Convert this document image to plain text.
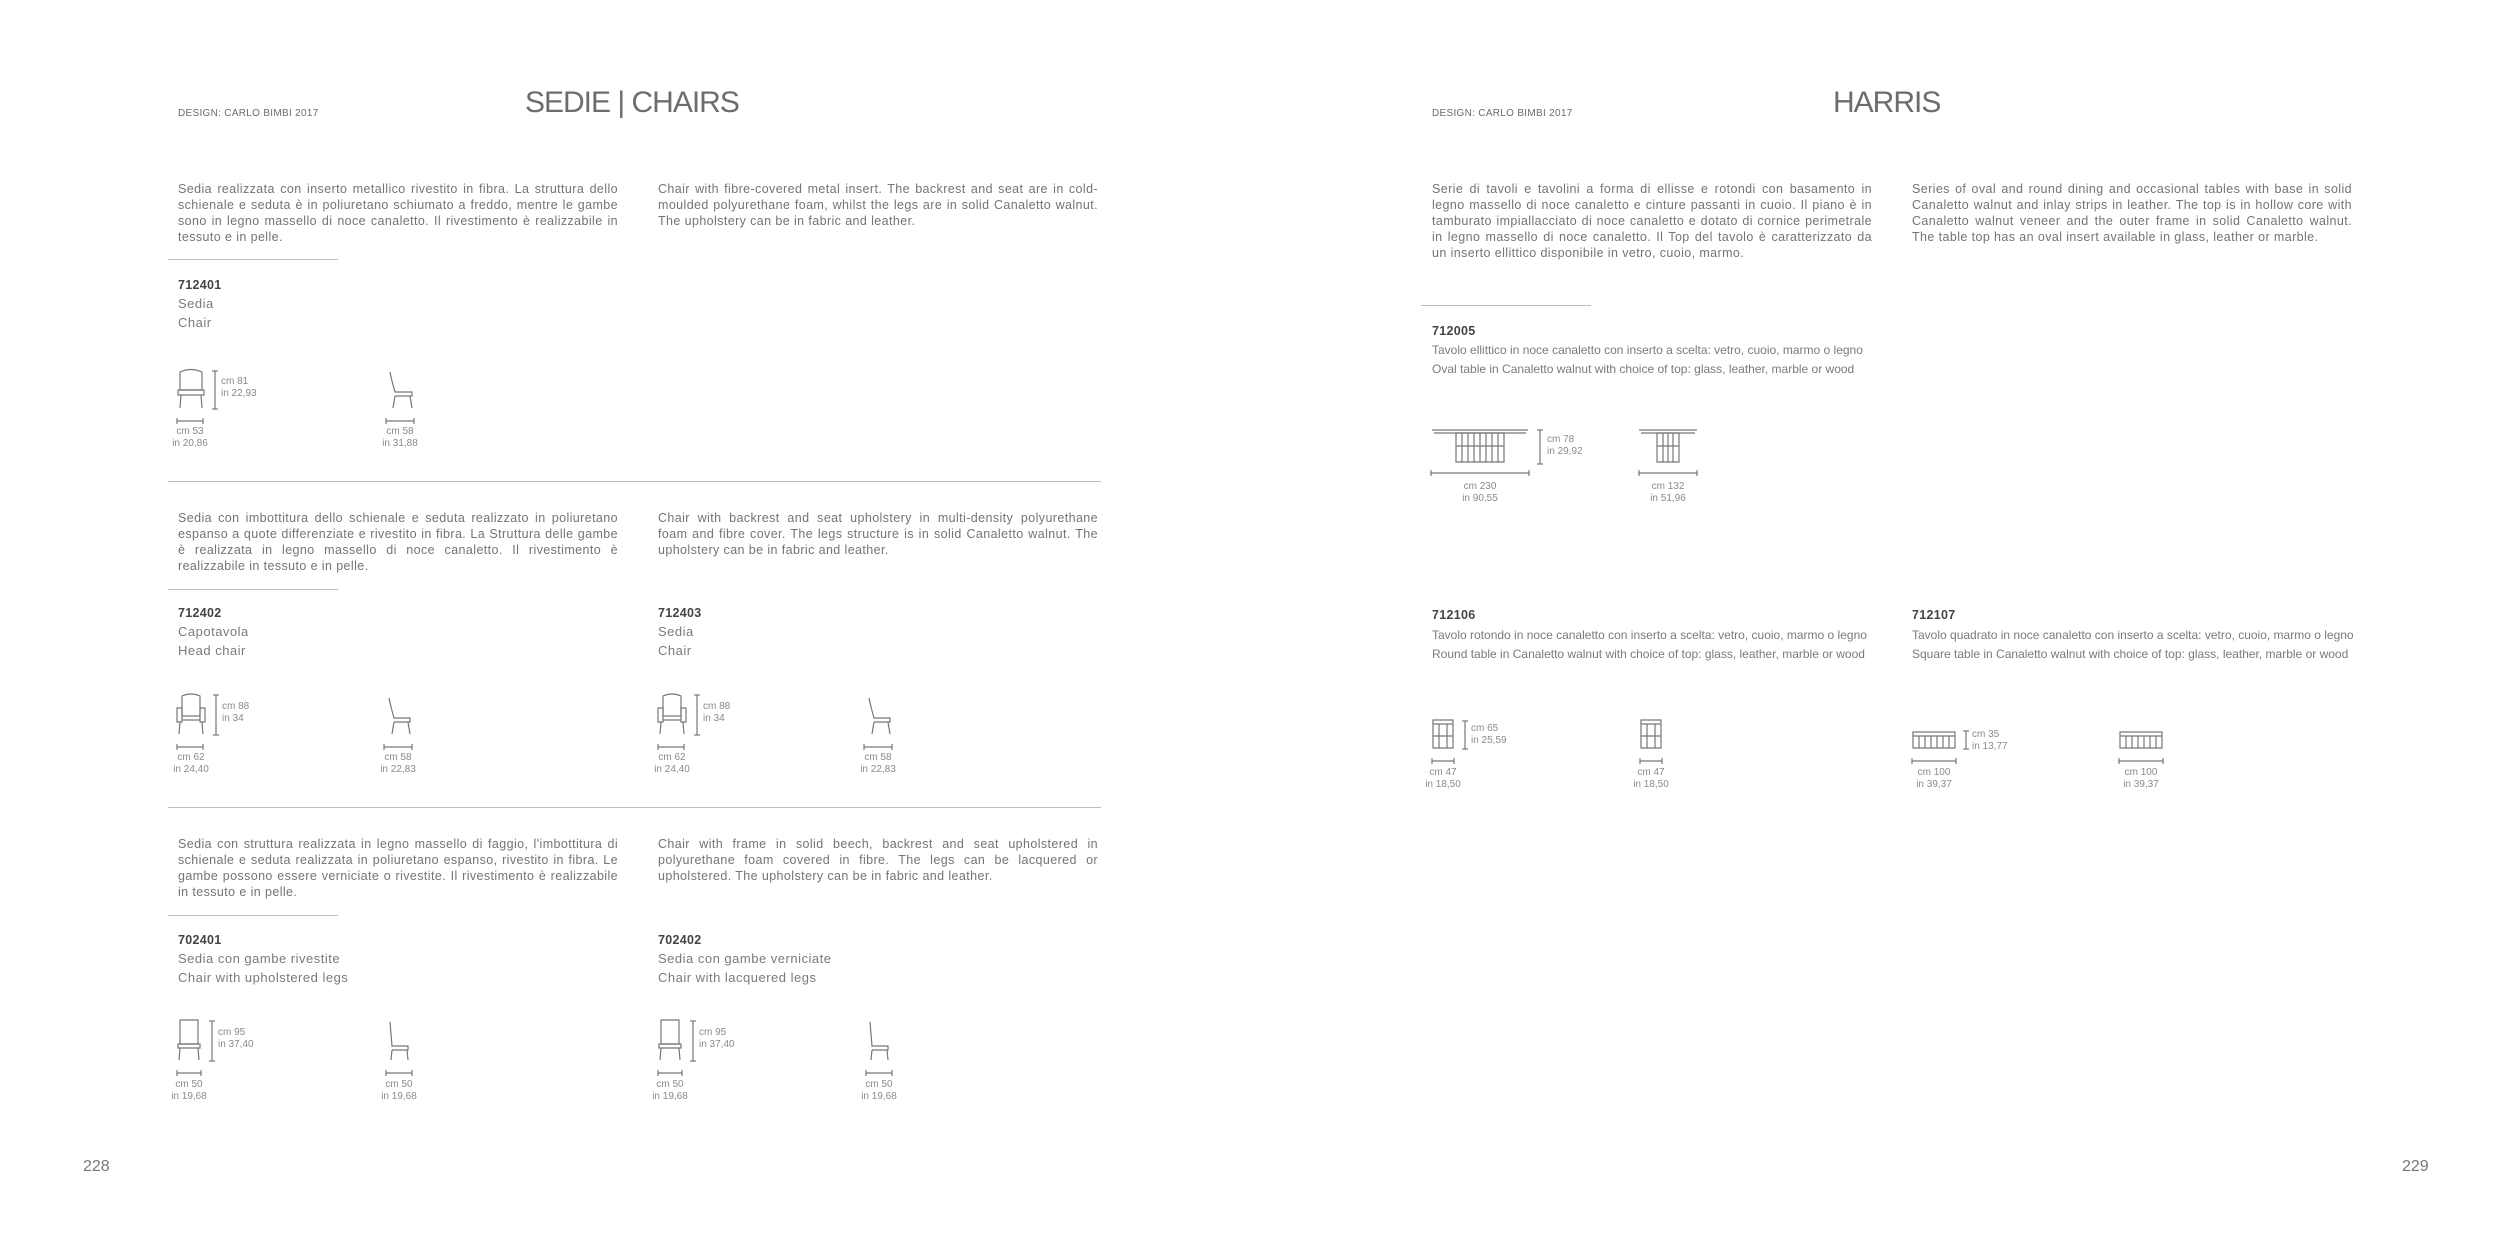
DESIGN: CARLO BIMBI 2017	SEDIE | CHAIRS
Sedia realizzata con inserto metallico rivestito in fibra. La struttura dello schienale e seduta è in poliuretano schiumato a freddo, mentre le gambe sono in legno massello di noce canaletto. Il rivestimento è realizzabile in tessuto e in pelle.
Chair with fibre-covered metal insert. The backrest and seat are in cold-moulded polyurethane foam, whilst the legs are in solid Canaletto walnut. The upholstery can be in fabric and leather.
712401
Sedia
Chair
cm 81
in 22,93
cm 53
in 20,86
cm 58
in 31,88
Sedia con imbottitura dello schienale e seduta realizzato in poliuretano espanso a quote differenziate e rivestito in fibra. La Struttura delle gambe è realizzata in legno massello di noce canaletto. Il rivestimento è realizzabile in tessuto e in pelle.
Chair with backrest and seat upholstery in multi-density polyurethane foam and fibre cover. The legs structure is in solid Canaletto walnut. The upholstery can be in fabric and leather.
712402
Capotavola
Head chair
712403
Sedia
Chair
cm 88
in 34
cm 62
in 24,40
cm 58
in 22,83
cm 88
in 34
cm 62
in 24,40
cm 58
in 22,83
Sedia con struttura realizzata in legno massello di faggio, l'imbottitura di schienale e seduta realizzata in poliuretano espanso, rivestito in fibra. Le gambe possono essere verniciate o rivestite. Il rivestimento è realizzabile in tessuto e in pelle.
Chair with frame in solid beech, backrest and seat upholstered in polyurethane foam covered in fibre. The legs can be lacquered or upholstered. The upholstery can be in fabric and leather.
702401
Sedia con gambe rivestite
Chair with upholstered legs
702402
Sedia con gambe verniciate
Chair with lacquered legs
cm 95
in 37,40
cm 50
in 19,68
cm 50
in 19,68
cm 95
in 37,40
cm 50
in 19,68
cm 50
in 19,68
228
DESIGN: CARLO BIMBI 2017	HARRIS
Serie di tavoli e tavolini a forma di ellisse e rotondi con basamento in legno massello di noce canaletto e cinture passanti in cuoio. Il piano è in tamburato impiallacciato di noce canaletto e dotato di cornice perimetrale in legno massello di noce canaletto. Il Top del tavolo è caratterizzato da un inserto ellittico disponibile in vetro, cuoio, marmo.
Series of oval and round dining and occasional tables with base in solid Canaletto walnut and inlay strips in leather. The top is in hollow core with Canaletto walnut veneer and the outer frame in solid Canaletto walnut. The table top has an oval insert available in glass, leather or marble.
712005
Tavolo ellittico in noce canaletto con inserto a scelta: vetro, cuoio, marmo o legno
Oval table in Canaletto walnut with choice of top: glass, leather, marble or wood
cm 78
in 29,92
cm 230
in 90,55
cm 132
in 51,96
712106
Tavolo rotondo in noce canaletto con inserto a scelta: vetro, cuoio, marmo o legno
Round table in Canaletto walnut with choice of top: glass, leather, marble or wood
cm 65
in 25,59
cm 47
in 18,50
cm 47
in 18,50
712107
Tavolo quadrato in noce canaletto con inserto a scelta: vetro, cuoio, marmo o legno
Square table in Canaletto walnut with choice of top: glass, leather, marble or wood
cm 35
in 13,77
cm 100
in 39,37
cm 100
in 39,37
229
